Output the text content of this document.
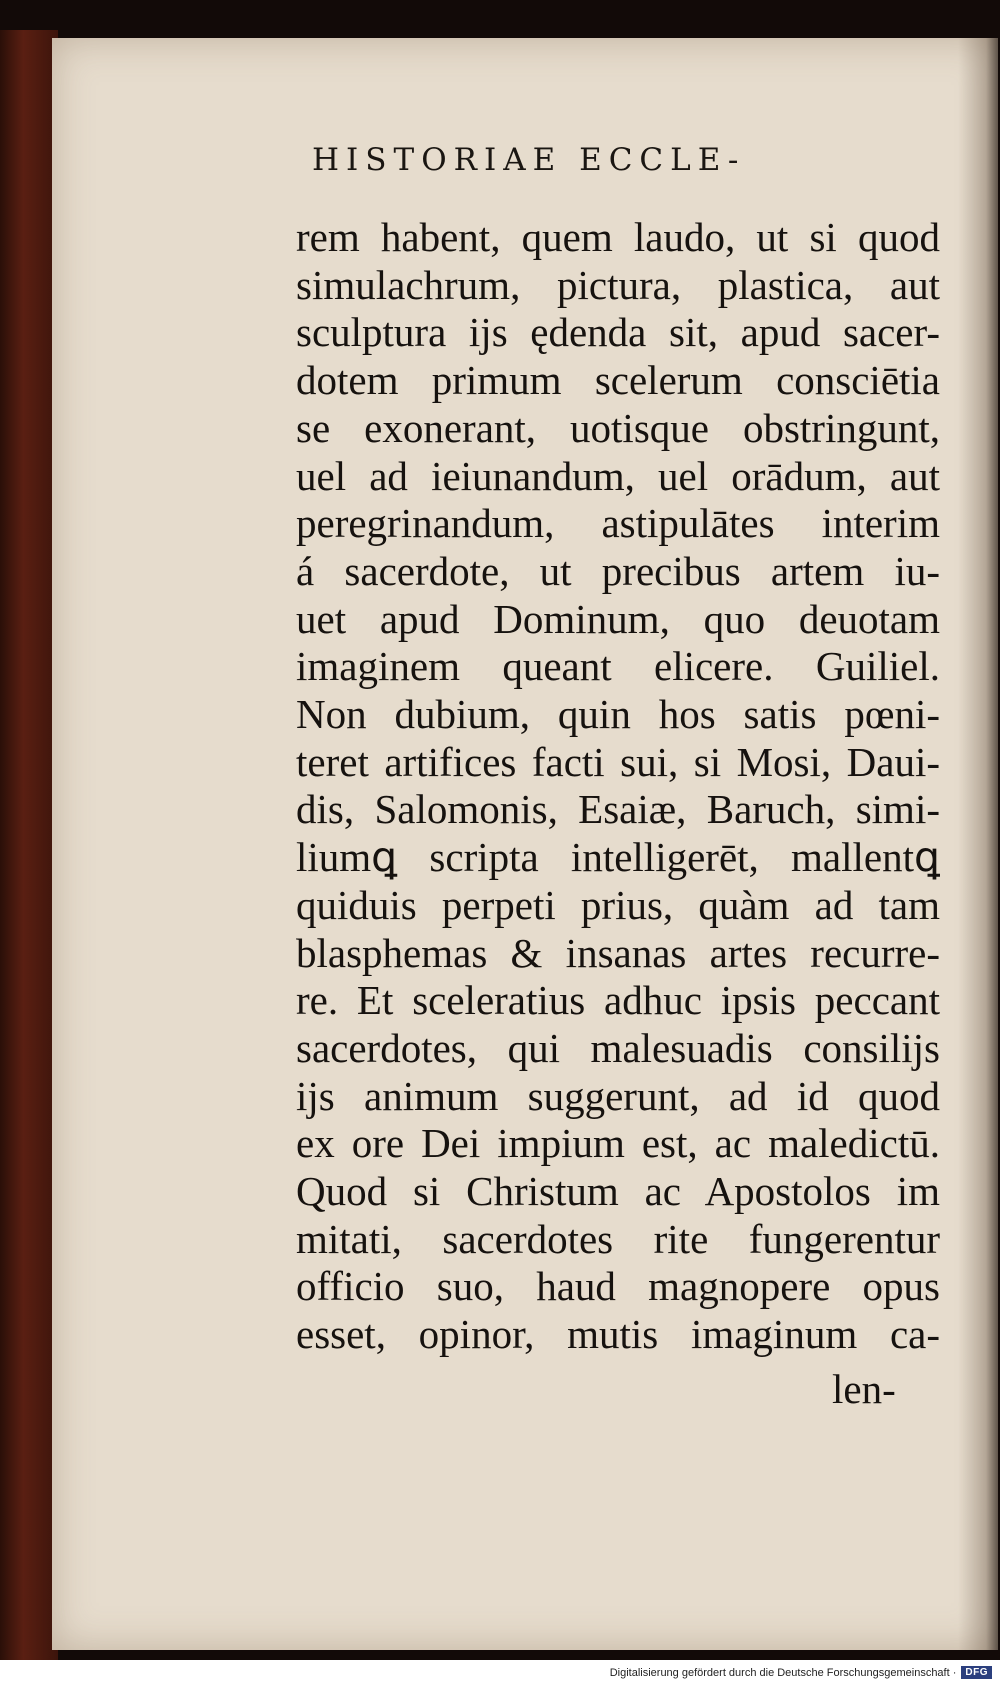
HISTORIAE ECCLE-
rem habent, quem laudo, ut si quod
simulachrum, pictura, plastica, aut
sculptura ijs ędenda sit, apud sacer-
dotem primum scelerum consciētia
se exonerant, uotisque obstringunt,
uel ad ieiunandum, uel orādum, aut
peregrinandum, astipulātes interim
á sacerdote, ut precibus artem iu-
uet apud Dominum, quo deuotam
imaginem queant elicere. Guiliel.
Non dubium, quin hos satis pœni-
teret artifices facti sui, si Mosi, Daui-
dis, Salomonis, Esaiæ, Baruch, simi-
liumꝗ scripta intelligerēt, mallentꝗ
quiduis perpeti prius, quàm ad tam
blasphemas & insanas artes recurre-
re. Et sceleratius adhuc ipsis peccant
sacerdotes, qui malesuadis consilijs
ijs animum suggerunt, ad id quod
ex ore Dei impium est, ac maledictū.
Quod si Christum ac Apostolos im
mitati, sacerdotes rite fungerentur
officio suo, haud magnopere opus
esset, opinor, mutis imaginum ca-
len-
Digitalisierung gefördert durch die Deutsche Forschungsgemeinschaft · DFG
